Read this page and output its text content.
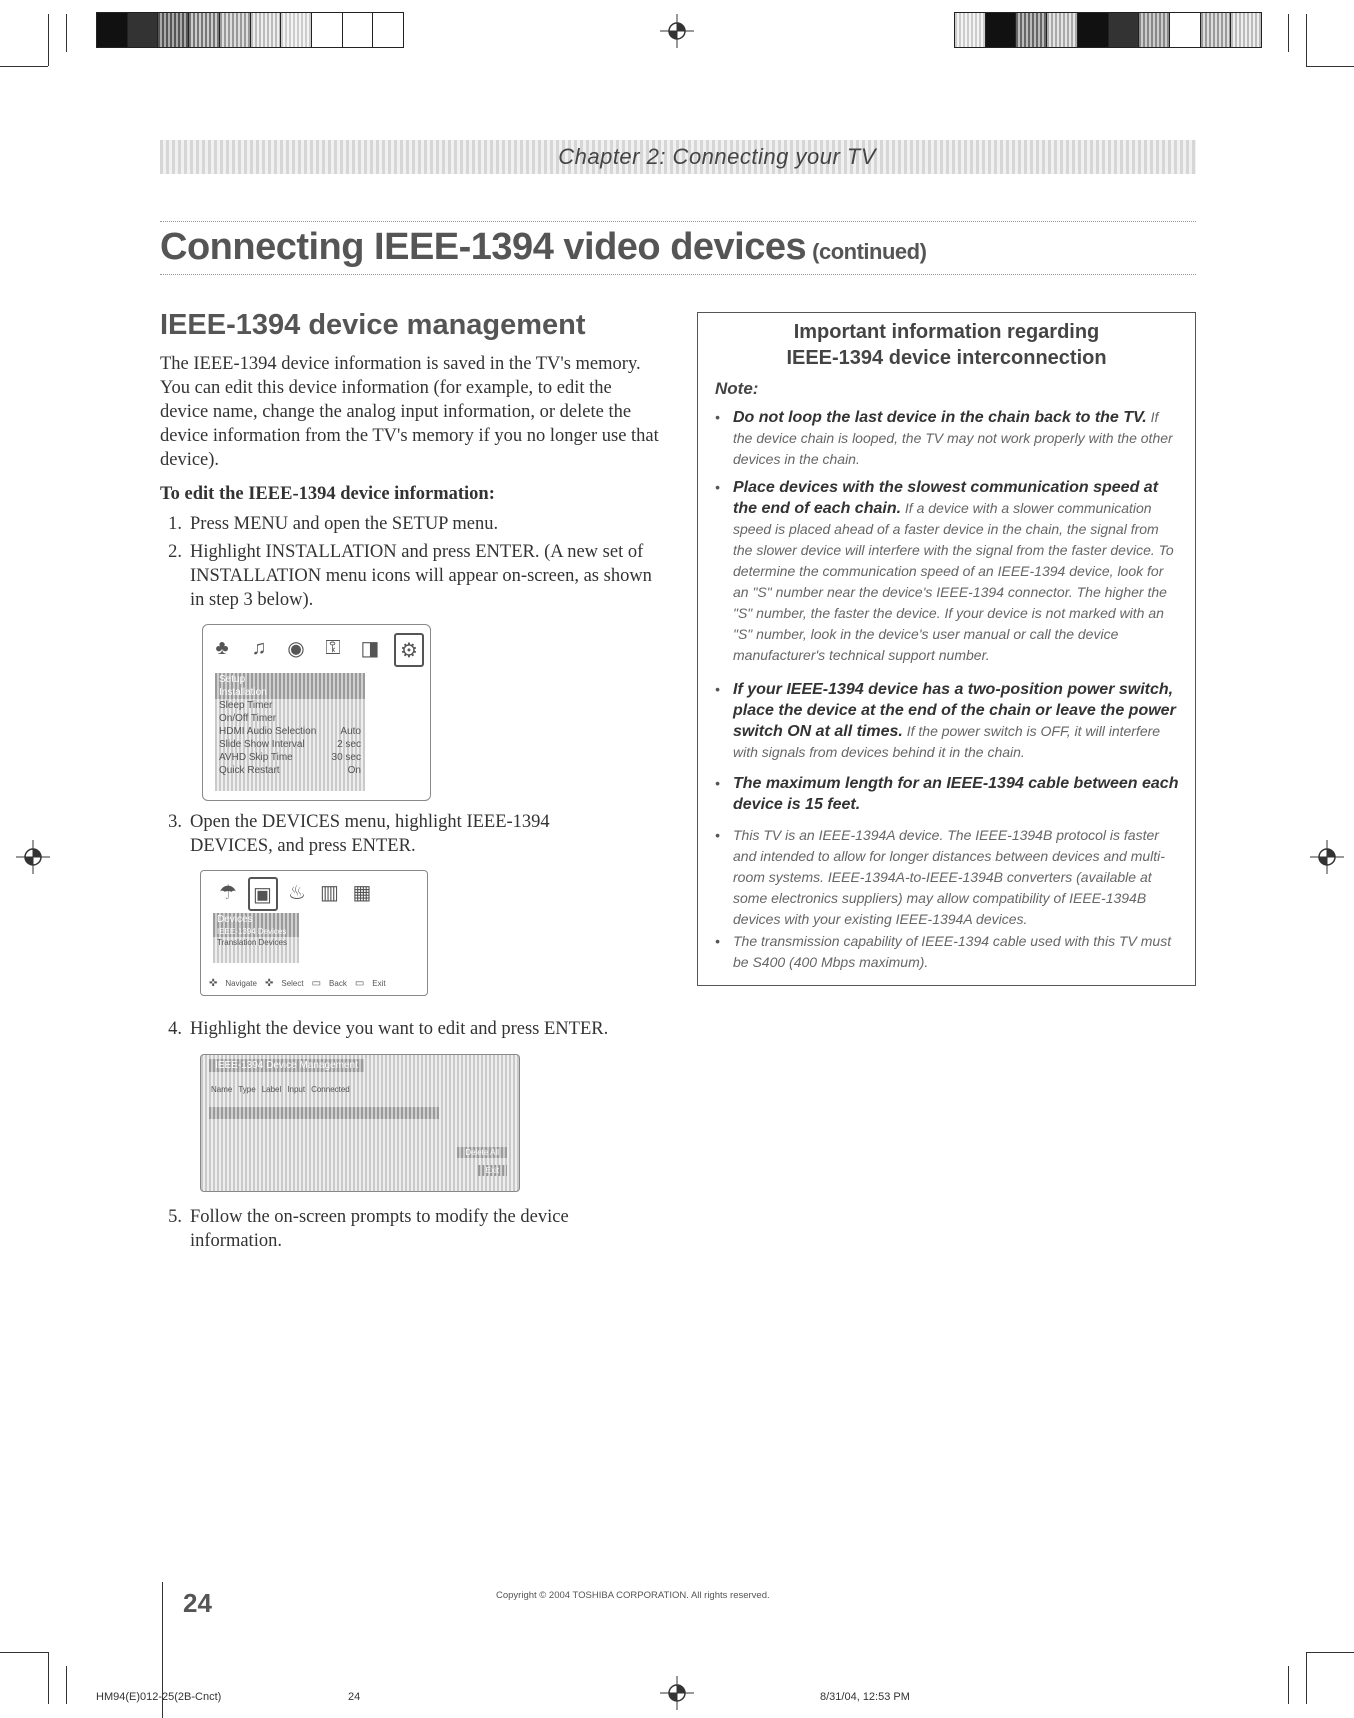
Chapter 2: Connecting your TV
Connecting IEEE-1394 video devices (continued)
IEEE-1394 device management
The IEEE-1394 device information is saved in the TV's memory. You can edit this device information (for example, to edit the device name, change the analog input information, or delete the device information from the TV's memory if you no longer use that device).
To edit the IEEE-1394 device information:
1. Press MENU and open the SETUP menu.
2. Highlight INSTALLATION and press ENTER. (A new set of INSTALLATION menu icons will appear on-screen, as shown in step 3 below).
♣	♫ ◉ ⚿ ◨	⚙
Setup
Installation
Sleep Timer
On/Off Timer
HDMI Audio Selection Auto
Slide Show Interval	2 sec
AVHD Skip Time	30 sec
Quick Restart	On
3. Open the DEVICES menu, highlight IEEE-1394 DEVICES, and press ENTER.
☂ ▣ ♨ ▥ ▦
Devices
IEEE-1394 Devices
Translation Devices
✜ Navigate ✜ Select ▭ Back ▭ Exit
4. Highlight the device you want to edit and press ENTER.
IEEE-1394 Device Management
Name Type Label Input Connected
Delete All
Exit
5. Follow the on-screen prompts to modify the device information.
Important information regarding
IEEE-1394 device interconnection
Note:
• Do not loop the last device in the chain back to the TV. If the device chain is looped, the TV may not work properly with the other devices in the chain.
• Place devices with the slowest communication speed at the end of each chain. If a device with a slower communication speed is placed ahead of a faster device in the chain, the signal from the slower device will interfere with the signal from the faster device. To determine the communication speed of an IEEE-1394 device, look for an "S" number near the device's IEEE-1394 connector. The higher the "S" number, the faster the device. If your device is not marked with an "S" number, look in the device's user manual or call the device manufacturer's technical support number.
• If your IEEE-1394 device has a two-position power switch, place the device at the end of the chain or leave the power switch ON at all times. If the power switch is OFF, it will interfere with signals from devices behind it in the chain.
• The maximum length for an IEEE-1394 cable between each device is 15 feet.
• This TV is an IEEE-1394A device. The IEEE-1394B protocol is faster and intended to allow for longer distances between devices and multi-room systems. IEEE-1394A-to-IEEE-1394B converters (available at some electronics suppliers) may allow compatibility of IEEE-1394B devices with your existing IEEE-1394A devices.
• The transmission capability of IEEE-1394 cable used with this TV must be S400 (400 Mbps maximum).
24	Copyright © 2004 TOSHIBA CORPORATION. All rights reserved.
HM94(E)012-25(2B-Cnct)	24	8/31/04, 12:53 PM
